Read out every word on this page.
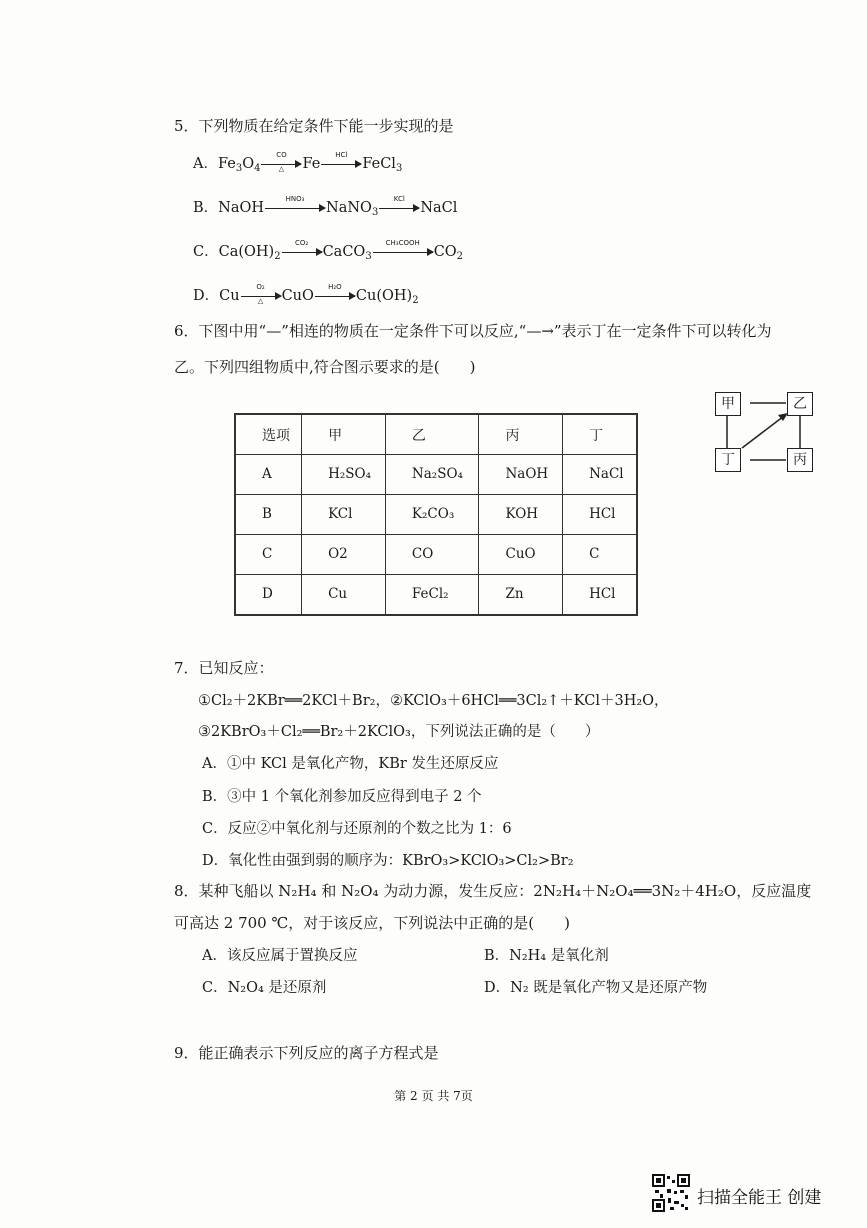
5．下列物质在给定条件下能一步实现的是
A．$Fe_3O_4$
CO
△	Fe
HCl
FeCl$_3$
B．NaOH
HNO₃
NaNO$_3$
KCl
NaCl
C．$Ca(OH)_2$
CO₂
CaCO$_3$
CH₃COOH
$CO_2$
D．Cu
O₂
△	CuO
H₂O
$Cu(OH)_2$
6．下图中用“—”相连的物质在一定条件下可以反应,“—→”表示丁在一定条件下可以转化为
乙。下列四组物质中,符合图示要求的是(　　)
选项	甲	乙	丙	丁
A	H₂SO₄	Na₂SO₄	NaOH	NaCl
B	KCl	K₂CO₃	KOH	HCl
C	O2	CO	CuO	C
D	Cu	FeCl₂	Zn	HCl
甲	乙
丁	丙
7．已知反应：
①Cl₂＋2KBr══2KCl＋Br₂，②KClO₃＋6HCl══3Cl₂↑＋KCl＋3H₂O，
③2KBrO₃＋Cl₂══Br₂＋2KClO₃，下列说法正确的是（　　）
A．①中 KCl 是氧化产物，KBr 发生还原反应
B．③中 1 个氧化剂参加反应得到电子 2 个
C．反应②中氧化剂与还原剂的个数之比为 1：6
D．氧化性由强到弱的顺序为：KBrO₃>KClO₃>Cl₂>Br₂
8．某种飞船以 N₂H₄ 和 N₂O₄ 为动力源，发生反应：2N₂H₄＋N₂O₄══3N₂＋4H₂O，反应温度
可高达 2 700 ℃，对于该反应，下列说法中正确的是(　　)
A．该反应属于置换反应	B．N₂H₄ 是氧化剂
C．N₂O₄ 是还原剂	D．N₂ 既是氧化产物又是还原产物
9．能正确表示下列反应的离子方程式是
第 2 页 共 7页
扫描全能王 创建
